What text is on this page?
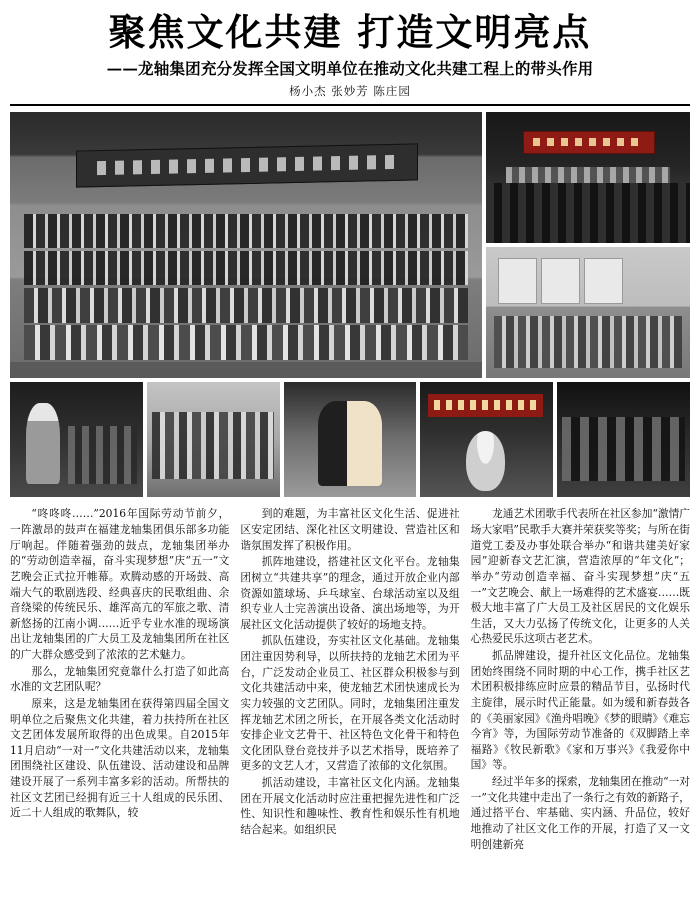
聚焦文化共建 打造文明亮点
——龙轴集团充分发挥全国文明单位在推动文化共建工程上的带头作用
杨小杰 张妙芳 陈庄园

“咚咚咚……”2016年国际劳动节前夕，一阵激昂的鼓声在福建龙轴集团俱乐部多功能厅响起。伴随着强劲的鼓点，龙轴集团举办的“劳动创造幸福，奋斗实现梦想”庆“五一”文艺晚会正式拉开帷幕。欢腾动感的开场鼓、高端大气的歌剧选段、经典喜庆的民歌组曲、余音绕梁的传统民乐、雄浑高亢的军旅之歌、清新悠扬的江南小调……近乎专业水准的现场演出让龙轴集团的广大员工及龙轴集团所在社区的广大群众感受到了浓浓的艺术魅力。

那么，龙轴集团究竟靠什么打造了如此高水准的文艺团队呢？

原来，这是龙轴集团在获得第四届全国文明单位之后聚焦文化共建，着力扶持所在社区文艺团体发展所取得的出色成果。自2015年11月启动“一对一”文化共建活动以来，龙轴集团围绕社区建设、队伍建设、活动建设和品牌建设开展了一系列丰富多彩的活动。所帮扶的社区文艺团已经拥有近三十人组成的民乐团、近二十人组成的歌舞队，较

到的难题，为丰富社区文化生活、促进社区安定团结、深化社区文明建设、营造社区和谐氛围发挥了积极作用。

抓阵地建设，搭建社区文化平台。龙轴集团树立“共建共享”的理念，通过开放企业内部资源如篮球场、乒乓球室、台球活动室以及组织专业人士完善演出设备、演出场地等，为开展社区文化活动提供了较好的场地支持。

抓队伍建设，夯实社区文化基础。龙轴集团注重因势利导，以所扶持的龙轴艺术团为平台，广泛发动企业员工、社区群众积极参与到文化共建活动中来，使龙轴艺术团快速成长为实力较强的文艺团队。同时，龙轴集团注重发挥龙轴艺术团之所长，在开展各类文化活动时安排企业文艺骨干、社区特色文化骨干和特色文化团队登台竞技并予以艺术指导，既培养了更多的文艺人才，又营造了浓郁的文化氛围。

抓活动建设，丰富社区文化内涵。龙轴集团在开展文化活动时应注重把握先进性和广泛性、知识性和趣味性、教育性和娱乐性有机地结合起来。如组织民

龙通艺术团歌手代表所在社区参加“激情广场大家唱”民歌手大赛并荣获奖等奖；与所在街道党工委及办事处联合举办“和谐共建美好家园”迎新春文艺汇演，营造浓厚的“年文化”；举办“劳动创造幸福、奋斗实现梦想”庆“五一”文艺晚会、献上一场难得的艺术盛宴……既极大地丰富了广大员工及社区居民的文化娱乐生活，又大力弘扬了传统文化，让更多的人关心热爱民乐这项古老艺术。

抓品牌建设，提升社区文化品位。龙轴集团始终围绕不同时期的中心工作，携手社区艺术团积极排练应时应景的精品节目，弘扬时代主旋律，展示时代正能量。如为缓和新春鼓各的《美丽家园》《渔舟唱晚》《梦的眼睛》《难忘今宵》等，为国际劳动节准备的《双脚踏上幸福路》《牧民新歌》《家和万事兴》《我爱你中国》等。

经过半年多的探索，龙轴集团在推动“一对一”文化共建中走出了一条行之有效的新路子，通过搭平台、牢基础、实内涵、升品位，较好地推动了社区文化工作的开展，打造了又一文明创建新亮
